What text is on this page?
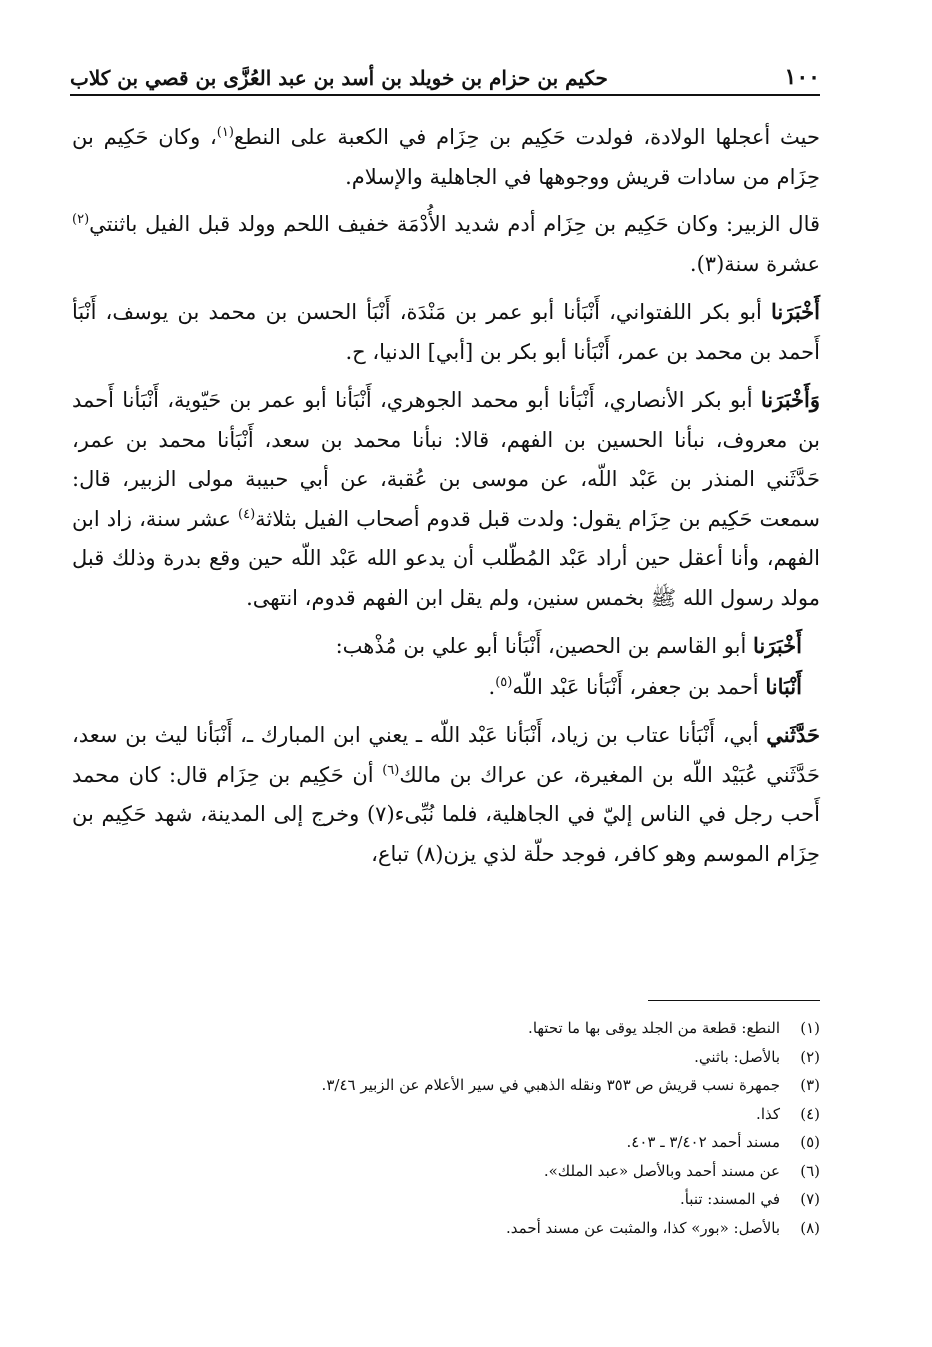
١٠٠
حكيم بن حزام بن خويلد بن أسد بن عبد العُزَّى بن قصي بن كلاب

حيث أعجلها الولادة، فولدت حَكِيم بن حِزَام في الكعبة على النطع$^{(١)}$، وكان حَكِيم بن حِزَام من سادات قريش ووجوهها في الجاهلية والإسلام.

قال الزبير: وكان حَكِيم بن حِزَام أدم شديد الأُدْمَة خفيف اللحم وولد قبل الفيل باثنتي$^{(٢)}$ عشرة سنة(٣).

أَخْبَرَنا أبو بكر اللفتواني، أَنْبَأنا أبو عمر بن مَنْدَة، أَنْبَأ الحسن بن محمد بن يوسف، أَنْبَأ أَحمد بن محمد بن عمر، أَنْبَأنا أبو بكر بن [أبي] الدنيا، ح.

وَأَخْبَرَنا أبو بكر الأنصاري، أَنْبَأنا أبو محمد الجوهري، أَنْبَأنا أبو عمر بن حَيّوية، أَنْبَأنا أَحمد بن معروف، نبأنا الحسين بن الفهم، قالا: نبأنا محمد بن سعد، أَنْبَأنا محمد بن عمر، حَدَّثَني المنذر بن عَبْد اللّه، عن موسى بن عُقبة، عن أبي حبيبة مولى الزبير، قال: سمعت حَكِيم بن حِزَام يقول: ولدت قبل قدوم أصحاب الفيل بثلاثة$^{(٤)}$ عشر سنة، زاد ابن الفهم، وأنا أعقل حين أراد عَبْد المُطّلب أن يدعو الله عَبْد اللّه حين وقع بدرة وذلك قبل مولد رسول الله ﷺ بخمس سنين، ولم يقل ابن الفهم قدوم، انتهى.

أَخْبَرَنا أبو القاسم بن الحصين، أَنْبَأنا أبو علي بن مُذْهب:

أَنْبَانا أحمد بن جعفر، أَنْبَأنا عَبْد اللّه$^{(٥)}$.

حَدَّثَني أبي، أَنْبَأنا عتاب بن زياد، أَنْبَأنا عَبْد اللّه ـ يعني ابن المبارك ـ، أَنْبَأنا ليث بن سعد، حَدَّثَني عُبَيْد اللّه بن المغيرة، عن عراك بن مالك$^{(٦)}$ أن حَكِيم بن حِزَام قال: كان محمد أَحب رجل في الناس إليّ في الجاهلية، فلما نُبِّىء(٧) وخرج إلى المدينة، شهد حَكِيم بن حِزَام الموسم وهو كافر، فوجد حلّة لذي يزن(٨) تباع،

(١)النطع: قطعة من الجلد يوقى بها ما تحتها.
(٢)بالأصل: باثني.
(٣)جمهرة نسب قريش ص ٣٥٣ ونقله الذهبي في سير الأعلام عن الزبير ٣/٤٦.
(٤)كذا.
(٥)مسند أحمد ٣/٤٠٢ ـ ٤٠٣.
(٦)عن مسند أحمد وبالأصل «عبد الملك».
(٧)في المسند: تنبأ.
(٨)بالأصل: «بور» كذا، والمثبت عن مسند أحمد.
